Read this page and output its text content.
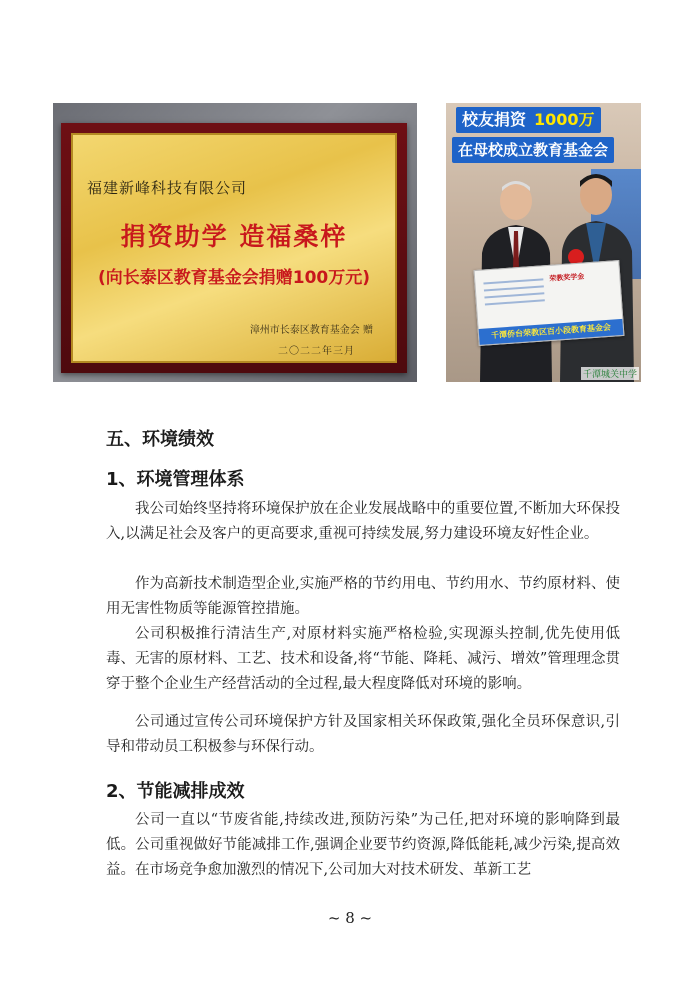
福建新峰科技有限公司
捐资助学 造福桑梓
(向长泰区教育基金会捐赠100万元)
漳州市长泰区教育基金会 赠
二〇二二年三月
校友捐资 1000万
在母校成立教育基金会
荣教奖学金
千潭侨台荣教区百小段教育基金会
千潭城关中学
五、环境绩效
1、环境管理体系

我公司始终坚持将环境保护放在企业发展战略中的重要位置,不断加大环保投入,以满足社会及客户的更高要求,重视可持续发展,努力建设环境友好性企业。

作为高新技术制造型企业,实施严格的节约用电、节约用水、节约原材料、使用无害性物质等能源管控措施。

公司积极推行清洁生产,对原材料实施严格检验,实现源头控制,优先使用低毒、无害的原材料、工艺、技术和设备,将“节能、降耗、减污、增效”管理理念贯穿于整个企业生产经营活动的全过程,最大程度降低对环境的影响。

公司通过宣传公司环境保护方针及国家相关环保政策,强化全员环保意识,引导和带动员工积极参与环保行动。

2、节能减排成效

公司一直以“节废省能,持续改进,预防污染”为己任,把对环境的影响降到最低。公司重视做好节能减排工作,强调企业要节约资源,降低能耗,减少污染,提高效益。在市场竞争愈加激烈的情况下,公司加大对技术研发、革新工艺

~ 8 ~
